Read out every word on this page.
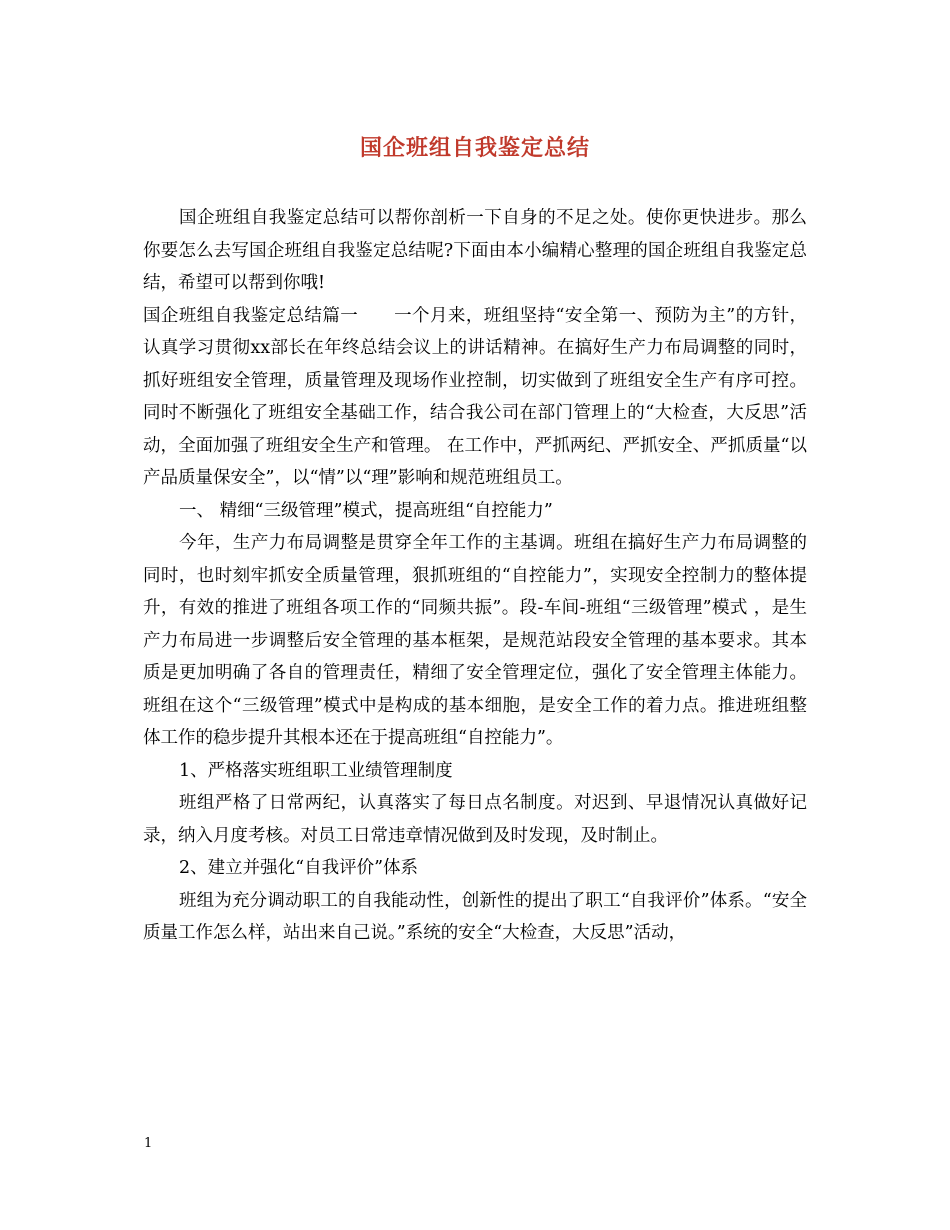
国企班组自我鉴定总结

国企班组自我鉴定总结可以帮你剖析一下自身的不足之处。使你更快进步。那么你要怎么去写国企班组自我鉴定总结呢?下面由本小编精心整理的国企班组自我鉴定总结，希望可以帮到你哦!

国企班组自我鉴定总结篇一　　一个月来，班组坚持“安全第一、预防为主”的方针，认真学习贯彻xx部长在年终总结会议上的讲话精神。在搞好生产力布局调整的同时，抓好班组安全管理，质量管理及现场作业控制，切实做到了班组安全生产有序可控。同时不断强化了班组安全基础工作，结合我公司在部门管理上的“大检查，大反思”活动，全面加强了班组安全生产和管理。 在工作中，严抓两纪、严抓安全、严抓质量“以产品质量保安全”，以“情”以“理”影响和规范班组员工。

一、 精细“三级管理”模式，提高班组“自控能力”

今年，生产力布局调整是贯穿全年工作的主基调。班组在搞好生产力布局调整的同时，也时刻牢抓安全质量管理，狠抓班组的“自控能力”，实现安全控制力的整体提升，有效的推进了班组各项工作的“同频共振”。段-车间-班组“三级管理”模式 ，是生产力布局进一步调整后安全管理的基本框架，是规范站段安全管理的基本要求。其本质是更加明确了各自的管理责任，精细了安全管理定位，强化了安全管理主体能力。班组在这个“三级管理”模式中是构成的基本细胞，是安全工作的着力点。推进班组整体工作的稳步提升其根本还在于提高班组“自控能力”。

1、严格落实班组职工业绩管理制度

班组严格了日常两纪，认真落实了每日点名制度。对迟到、早退情况认真做好记录，纳入月度考核。对员工日常违章情况做到及时发现，及时制止。

2、建立并强化“自我评价”体系

班组为充分调动职工的自我能动性，创新性的提出了职工“自我评价”体系。“安全质量工作怎么样，站出来自己说。”系统的安全“大检查，大反思”活动，

1
